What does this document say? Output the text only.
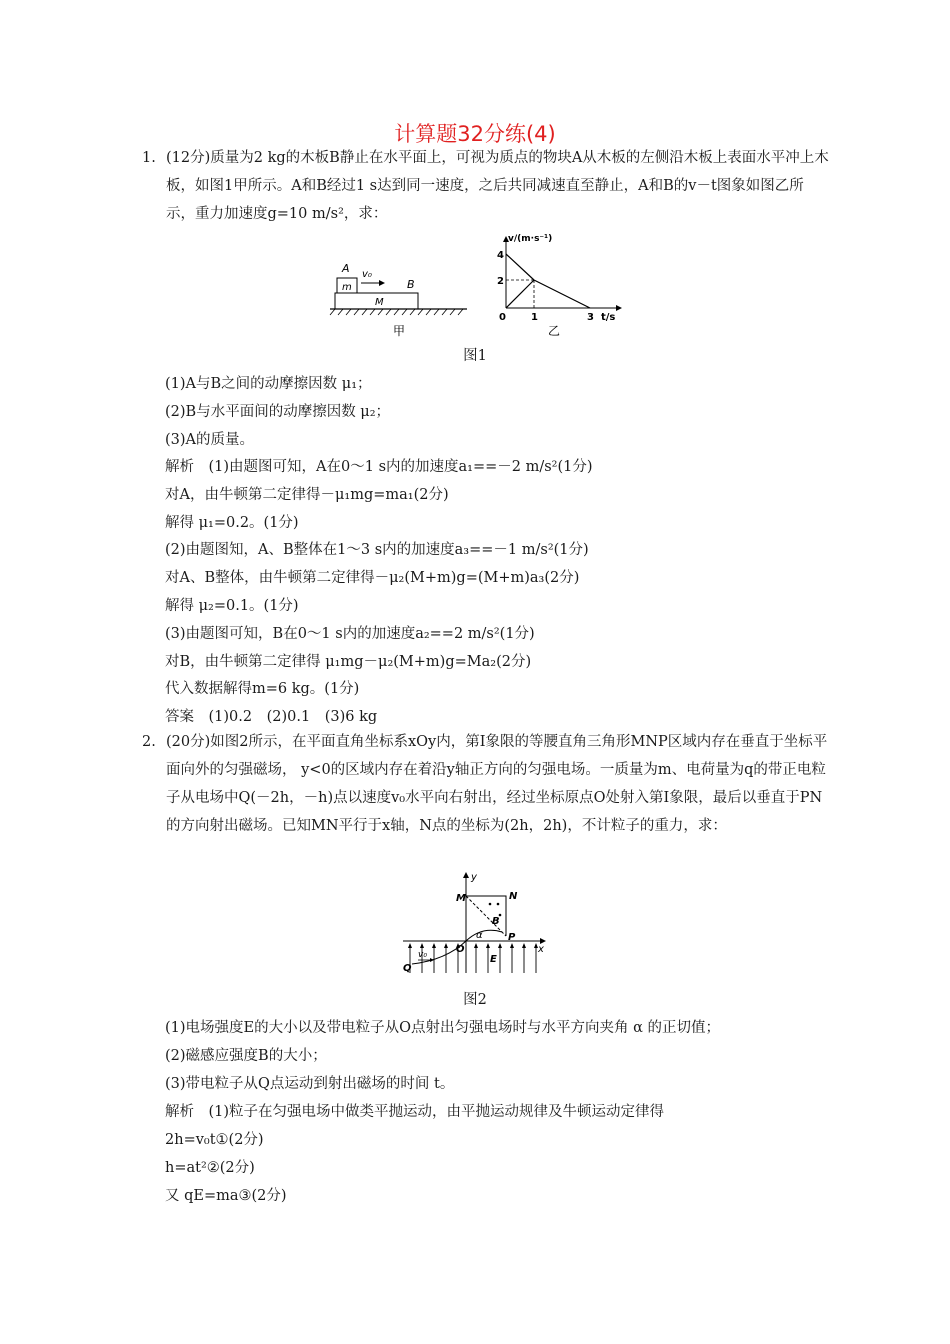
计算题32分练(4)
1. (12分)质量为2 kg的木板B静止在水平面上，可视为质点的物块A从木板的左侧沿木板上表面水平冲上木板，如图1甲所示。A和B经过1 s达到同一速度，之后共同减速直至静止，A和B的v－t图象如图乙所示，重力加速度g=10 m/s²，求：
A v₀
B
m
M
甲
v/(m·s⁻¹)
t/s
4
2
0	1	3
乙
图1
(1)A与B之间的动摩擦因数 μ₁；
(2)B与水平面间的动摩擦因数 μ₂；
(3)A的质量。
解析　(1)由题图可知，A在0～1 s内的加速度a₁==－2 m/s²(1分)
对A，由牛顿第二定律得－μ₁mg=ma₁(2分)
解得 μ₁=0.2。(1分)
(2)由题图知，A、B整体在1～3 s内的加速度a₃==－1 m/s²(1分)
对A、B整体，由牛顿第二定律得－μ₂(M+m)g=(M+m)a₃(2分)
解得 μ₂=0.1。(1分)
(3)由题图可知，B在0～1 s内的加速度a₂==2 m/s²(1分)
对B，由牛顿第二定律得 μ₁mg－μ₂(M+m)g=Ma₂(2分)
代入数据解得m=6 kg。(1分)
答案　(1)0.2　(2)0.1　(3)6 kg
2. (20分)如图2所示，在平面直角坐标系xOy内，第Ⅰ象限的等腰直角三角形MNP区域内存在垂直于坐标平面向外的匀强磁场， y<0的区域内存在着沿y轴正方向的匀强电场。一质量为m、电荷量为q的带正电粒子从电场中Q(－2h，－h)点以速度v₀水平向右射出，经过坐标原点O处射入第Ⅰ象限，最后以垂直于PN的方向射出磁场。已知MN平行于x轴，N点的坐标为(2h，2h)，不计粒子的重力，求：
y
x
M	N
B
P
O
α
Q
v₀	E
图2
(1)电场强度E的大小以及带电粒子从O点射出匀强电场时与水平方向夹角 α 的正切值；
(2)磁感应强度B的大小；
(3)带电粒子从Q点运动到射出磁场的时间 t。
解析　(1)粒子在匀强电场中做类平抛运动，由平抛运动规律及牛顿运动定律得
2h=v₀t①(2分)
h=at²②(2分)
又 qE=ma③(2分)
